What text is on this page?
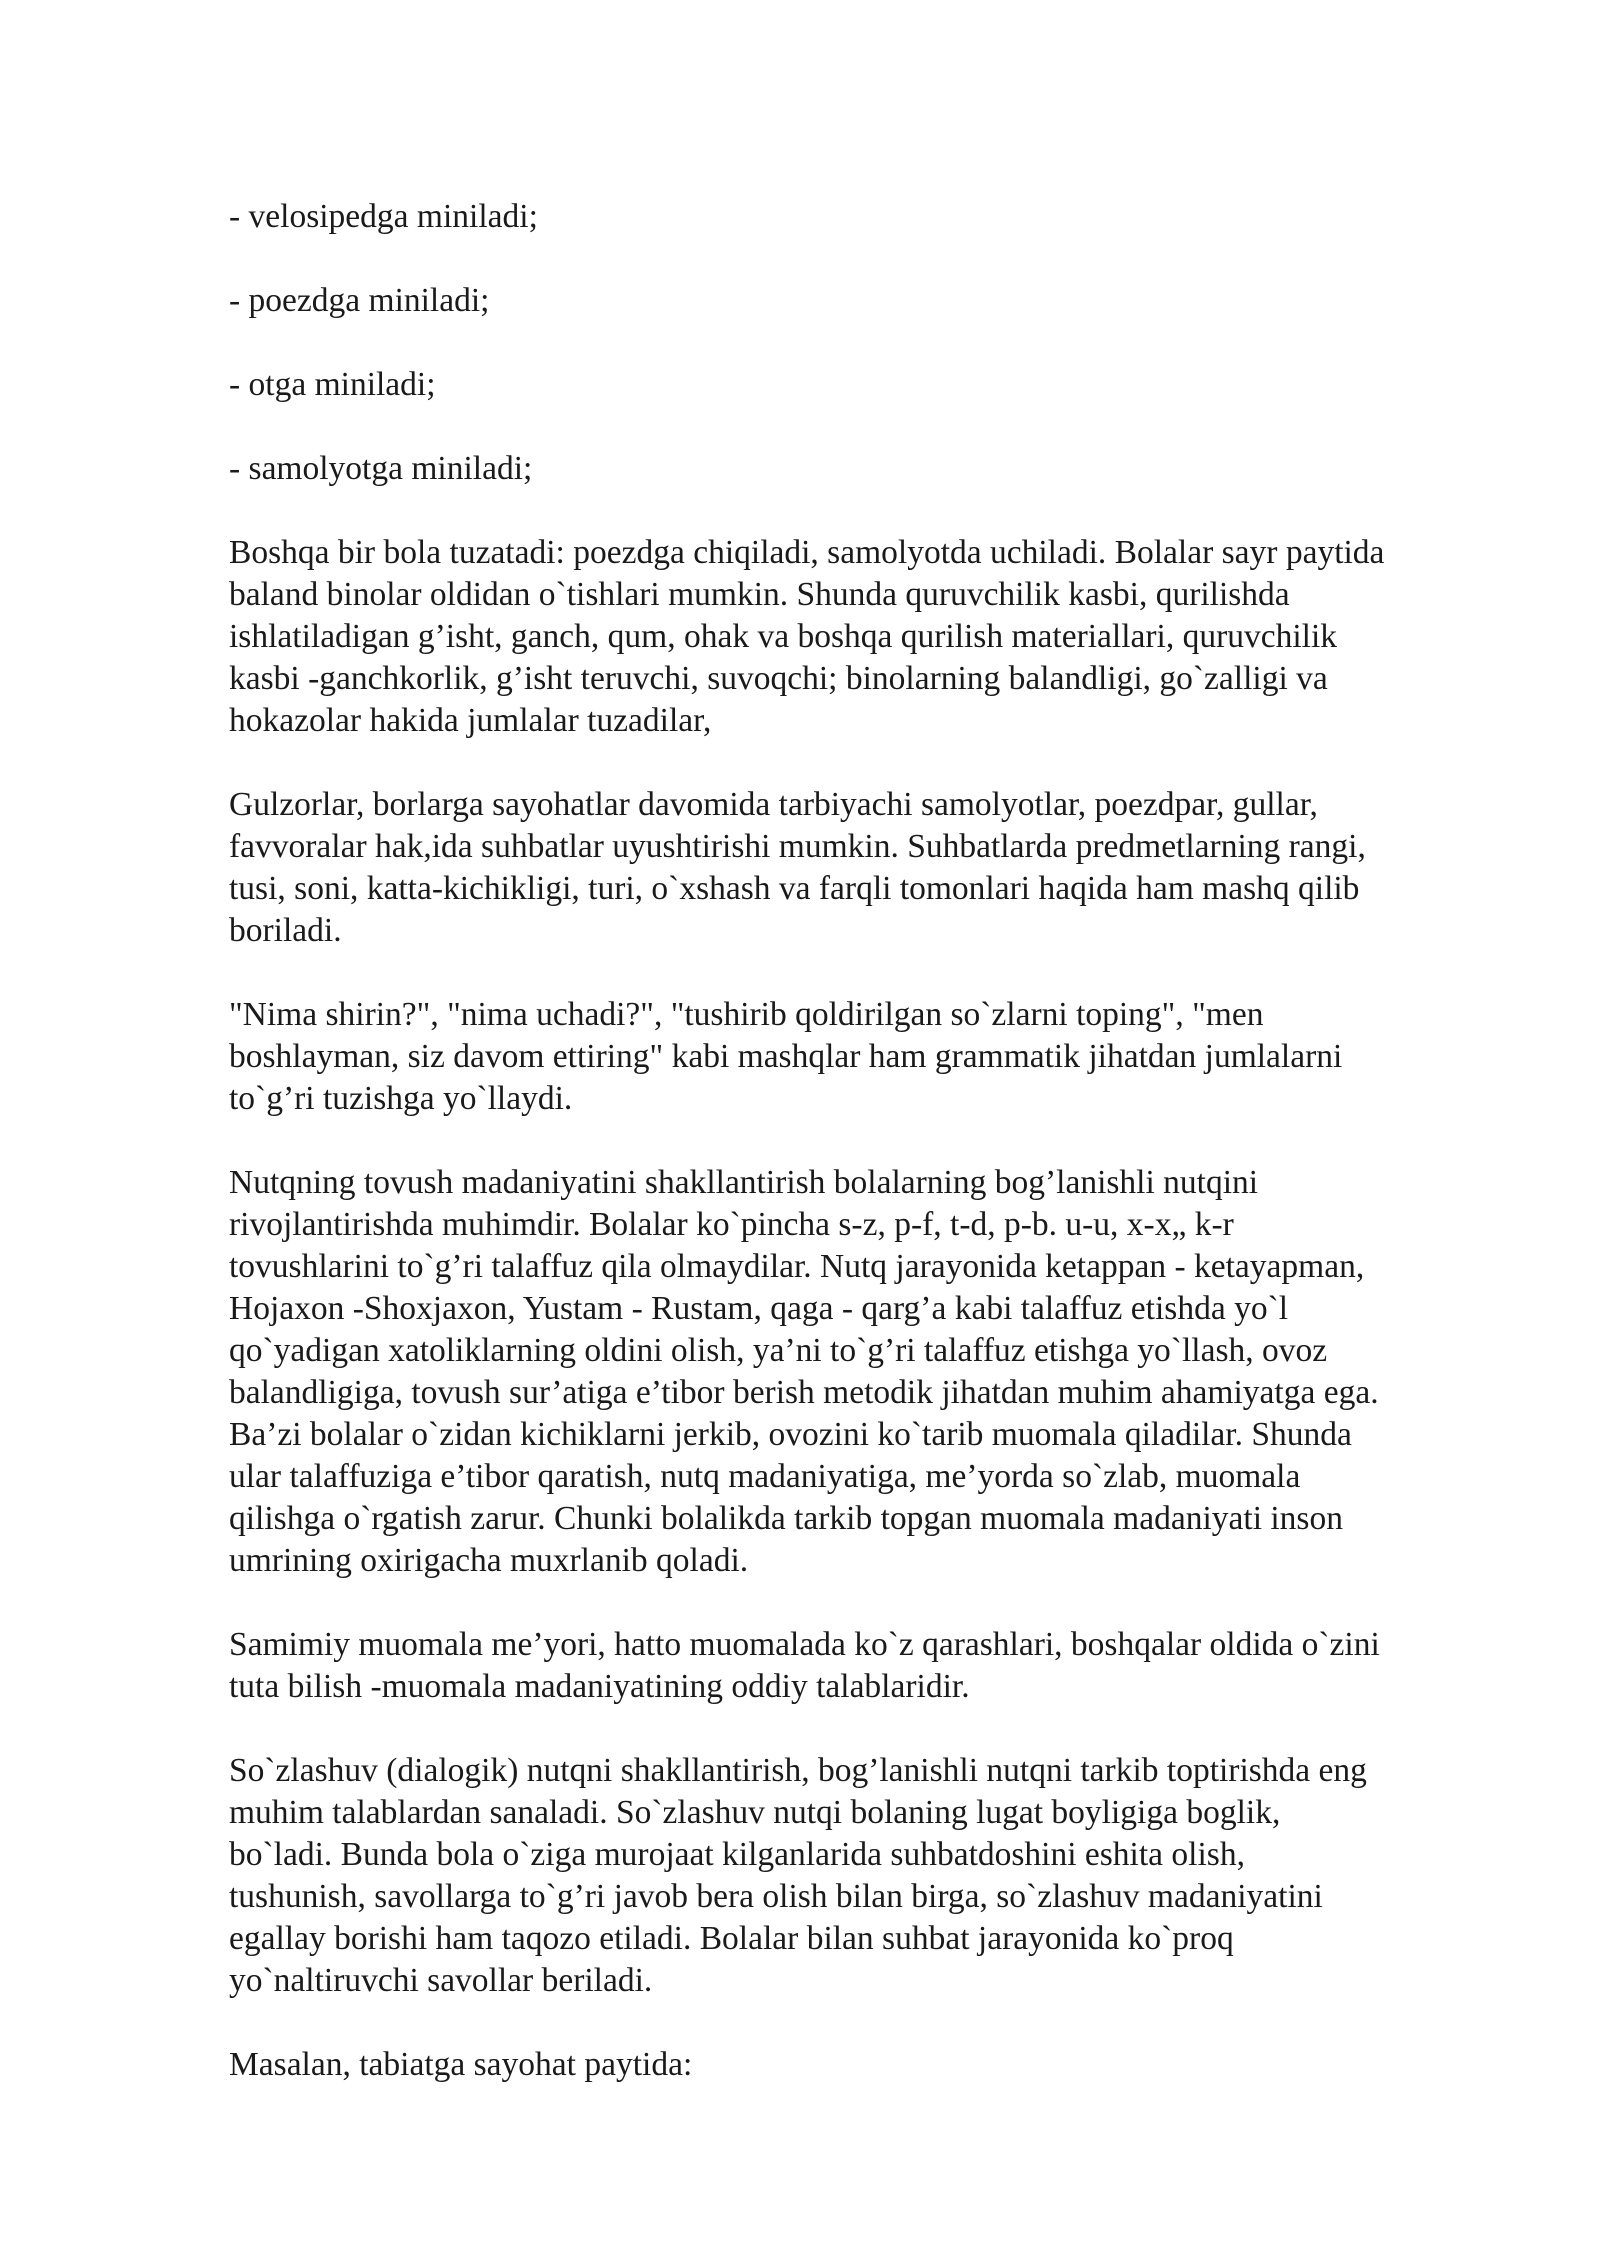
- velosipedga miniladi;
- poezdga miniladi;
- otga miniladi;
- samolyotga miniladi;
Boshqa bir bola tuzatadi: poezdga chiqiladi, samolyotda uchiladi. Bolalar sayr paytida
baland binolar oldidan o`tishlari mumkin. Shunda quruvchilik kasbi, qurilishda
ishlatiladigan g’isht, ganch, qum, ohak va boshqa qurilish materiallari, quruvchilik
kasbi -ganchkorlik, g’isht teruvchi, suvoqchi; binolarning balandligi, go`zalligi va
hokazolar hakida jumlalar tuzadilar,
Gulzorlar, borlarga sayohatlar davomida tarbiyachi samolyotlar, poezdpar, gullar,
favvoralar hak,ida suhbatlar uyushtirishi mumkin. Suhbatlarda predmetlarning rangi,
tusi, soni, katta-kichikligi, turi, o`xshash va farqli tomonlari haqida ham mashq qilib
boriladi.
"Nima shirin?", "nima uchadi?", "tushirib qoldirilgan so`zlarni toping", "men
boshlayman, siz davom ettiring" kabi mashqlar ham grammatik jihatdan jumlalarni
to`g’ri tuzishga yo`llaydi.
Nutqning tovush madaniyatini shakllantirish bolalarning bog’lanishli nutqini
rivojlantirishda muhimdir. Bolalar ko`pincha s-z, p-f, t-d, p-b. u-u, x-x„ k-r
tovushlarini to`g’ri talaffuz qila olmaydilar. Nutq jarayonida ketappan - ketayapman,
Hojaxon -Shoxjaxon, Yustam - Rustam, qaga - qarg’a kabi talaffuz etishda yo`l
qo`yadigan xatoliklarning oldini olish, ya’ni to`g’ri talaffuz etishga yo`llash, ovoz
balandligiga, tovush sur’atiga e’tibor berish metodik jihatdan muhim ahamiyatga ega.
Ba’zi bolalar o`zidan kichiklarni jerkib, ovozini ko`tarib muomala qiladilar. Shunda
ular talaffuziga e’tibor qaratish, nutq madaniyatiga, me’yorda so`zlab, muomala
qilishga o`rgatish zarur. Chunki bolalikda tarkib topgan muomala madaniyati inson
umrining oxirigacha muxrlanib qoladi.
Samimiy muomala me’yori, hatto muomalada ko`z qarashlari, boshqalar oldida o`zini
tuta bilish -muomala madaniyatining oddiy talablaridir.
So`zlashuv (dialogik) nutqni shakllantirish, bog’lanishli nutqni tarkib toptirishda eng
muhim talablardan sanaladi. So`zlashuv nutqi bolaning lugat boyligiga boglik,
bo`ladi. Bunda bola o`ziga murojaat kilganlarida suhbatdoshini eshita olish,
tushunish, savollarga to`g’ri javob bera olish bilan birga, so`zlashuv madaniyatini
egallay borishi ham taqozo etiladi. Bolalar bilan suhbat jarayonida ko`proq
yo`naltiruvchi savollar beriladi.
Masalan, tabiatga sayohat paytida:
